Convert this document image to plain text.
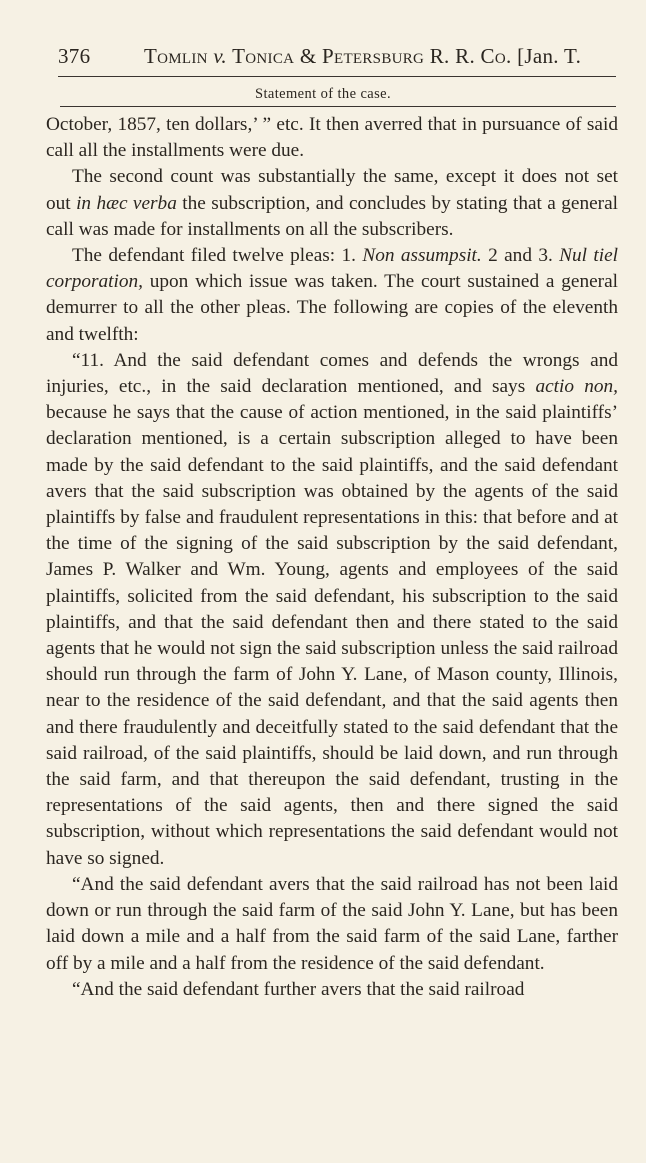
376	Tomlin v. Tonica & Petersburg R. R. Co. [Jan. T.
Statement of the case.

October, 1857, ten dollars,’ ” etc. It then averred that in pursuance of said call all the installments were due.

The second count was substantially the same, except it does not set out in hæc verba the subscription, and concludes by stating that a general call was made for installments on all the subscribers.

The defendant filed twelve pleas: 1. Non assumpsit. 2 and 3. Nul tiel corporation, upon which issue was taken. The court sustained a general demurrer to all the other pleas. The following are copies of the eleventh and twelfth:

“11. And the said defendant comes and defends the wrongs and injuries, etc., in the said declaration mentioned, and says actio non, because he says that the cause of action mentioned, in the said plaintiffs’ declaration mentioned, is a certain subscription alleged to have been made by the said defendant to the said plaintiffs, and the said defendant avers that the said subscription was obtained by the agents of the said plaintiffs by false and fraudulent representations in this: that before and at the time of the signing of the said subscription by the said defendant, James P. Walker and Wm. Young, agents and employees of the said plaintiffs, solicited from the said defendant, his subscription to the said plaintiffs, and that the said defendant then and there stated to the said agents that he would not sign the said subscription unless the said railroad should run through the farm of John Y. Lane, of Mason county, Illinois, near to the residence of the said defendant, and that the said agents then and there fraudulently and deceitfully stated to the said defendant that the said railroad, of the said plaintiffs, should be laid down, and run through the said farm, and that thereupon the said defendant, trusting in the representations of the said agents, then and there signed the said subscription, without which representations the said defendant would not have so signed.

“And the said defendant avers that the said railroad has not been laid down or run through the said farm of the said John Y. Lane, but has been laid down a mile and a half from the said farm of the said Lane, farther off by a mile and a half from the residence of the said defendant.

“And the said defendant further avers that the said railroad
